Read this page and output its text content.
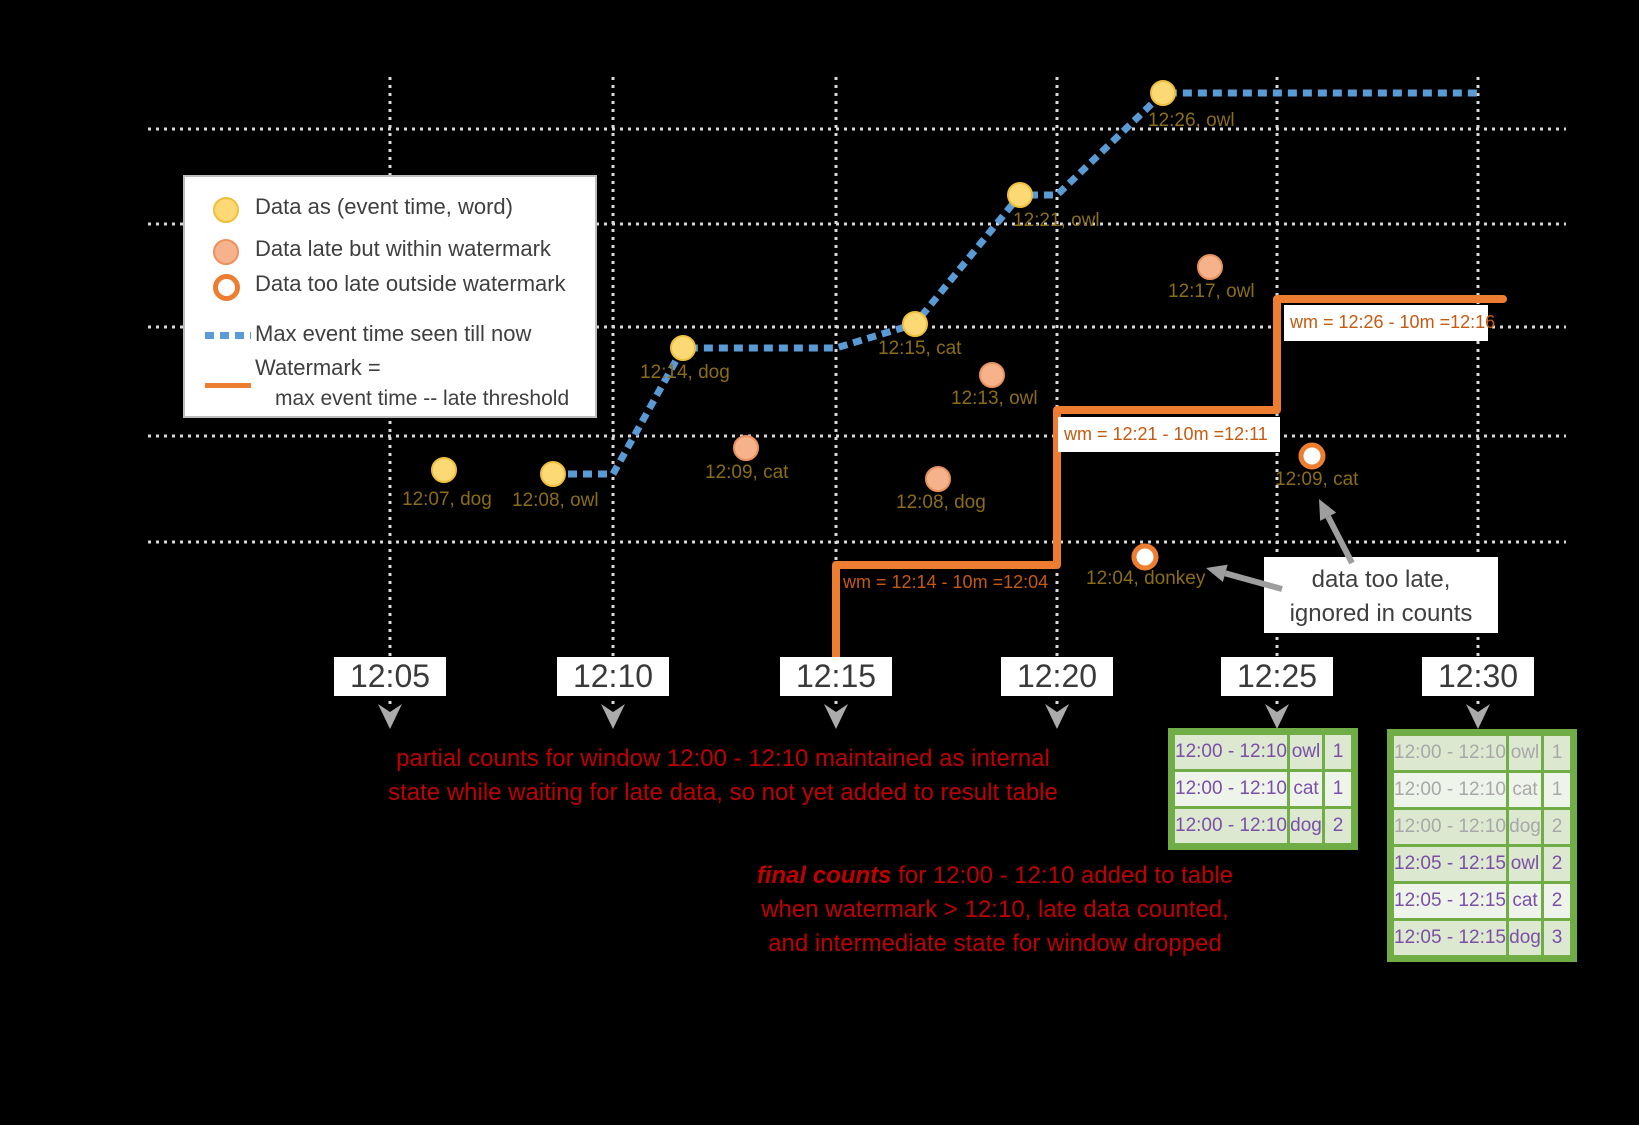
Data as (event time, word)
Data late but within watermark
Data too late outside watermark
Max event time seen till now
Watermark =
max event time -- late threshold
data too late,
ignored in counts
partial counts for window 12:00 - 12:10 maintained as internal
state while waiting for late data, so not yet added to result table
final counts for 12:00 - 12:10 added to table
when watermark > 12:10, late data counted,
and intermediate state for window dropped
12:07, dog 12:08, owl
12:09, cat
12:14, dog
12:15, cat
12:13, owl
12:08, dog
12:21, owl
12:26, owl
12:17, owl
12:04, donkey
12:09, cat
12:05	12:10	12:15	12:20	12:25	12:30
wm = 12:14 - 10m =12:04
wm = 12:21 - 10m =12:11
wm = 12:26 - 10m =12:16
12:00 - 12:10	owl	1
12:00 - 12:10	cat	1
12:00 - 12:10	dog	2
12:00 - 12:10	owl	1
12:00 - 12:10	cat	1
12:00 - 12:10	dog	2
12:05 - 12:15	owl	2
12:05 - 12:15	cat	2
12:05 - 12:15	dog	3
